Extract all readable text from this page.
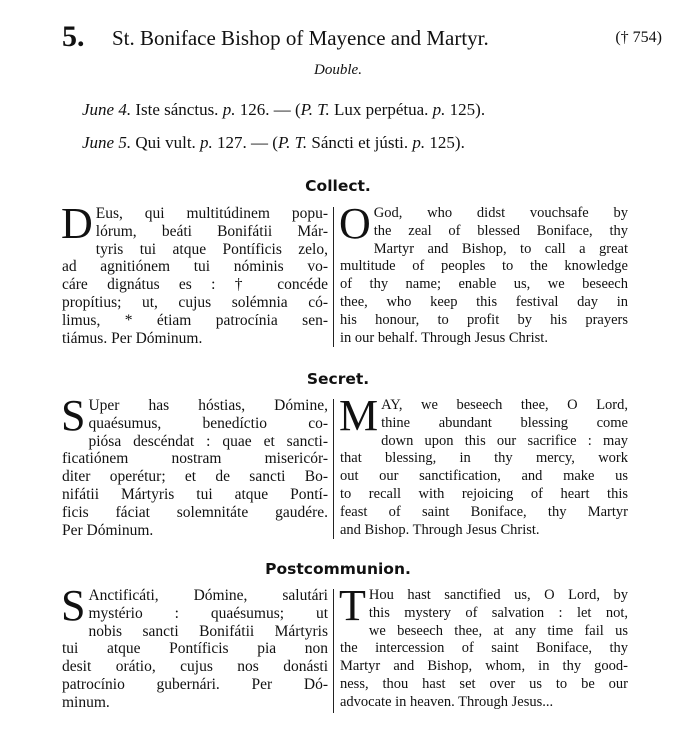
5. St. Boniface Bishop of Mayence and Martyr.	(† 754)
Double.
June 4. Iste sánctus. p. 126. — (P. T. Lux perpétua. p. 125).
June 5. Qui vult. p. 127. — (P. T. Sáncti et jústi. p. 125).
Collect.
D Eus, qui multitúdinem popu-
lórum, beáti Bonifátii Már-
tyris tui atque Pontíficis zelo,
ad agnitiónem tui nóminis vo-
cáre dignátus es : † concéde
propítius; ut, cujus solémnia có-
limus, * étiam patrocínia sen-
tiámus. Per Dóminum.
O God, who didst vouchsafe by
the zeal of blessed Boniface, thy
Martyr and Bishop, to call a great
multitude of peoples to the knowledge
of thy name; enable us, we beseech
thee, who keep this festival day in
his honour, to profit by his prayers
in our behalf. Through Jesus Christ.
Secret.
S Uper has hóstias, Dómine,
quaésumus, benedíctio co-
piósa descéndat : quae et sancti-
ficatiónem nostram misericór-
diter operétur; et de sancti Bo-
nifátii Mártyris tui atque Pontí-
ficis fáciat solemnitáte gaudére.
Per Dóminum.
M AY, we beseech thee, O Lord,
thine abundant blessing come
down upon this our sacrifice : may
that blessing, in thy mercy, work
out our sanctification, and make us
to recall with rejoicing of heart this
feast of saint Boniface, thy Martyr
and Bishop. Through Jesus Christ.
Postcommunion.
S Anctificáti, Dómine, salutári
mystério : quaésumus; ut
nobis sancti Bonifátii Mártyris
tui atque Pontíficis pia non
desit orátio, cujus nos donásti
patrocínio gubernári. Per Dó-
minum.
T Hou hast sanctified us, O Lord, by
this mystery of salvation : let not,
we beseech thee, at any time fail us
the intercession of saint Boniface, thy
Martyr and Bishop, whom, in thy good-
ness, thou hast set over us to be our
advocate in heaven. Through Jesus...
